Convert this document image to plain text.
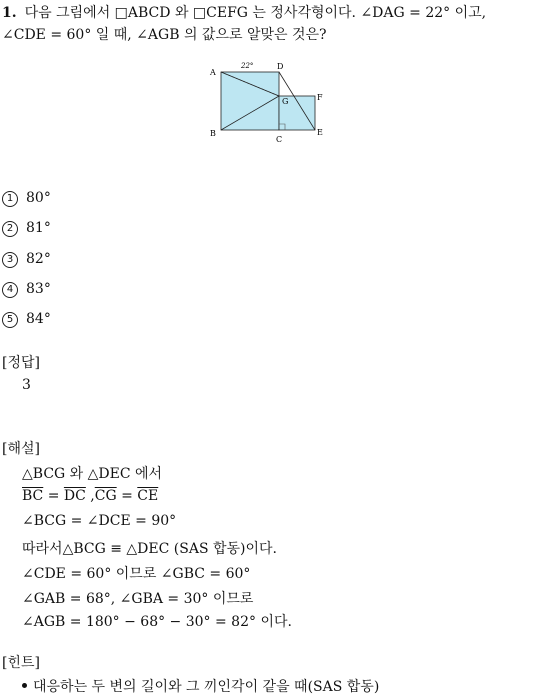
1. 다음 그림에서 □ABCD 와 □CEFG 는 정사각형이다. ∠DAG = 22° 이고,
∠CDE = 60° 일 때, ∠AGB 의 값으로 알맞은 것은?
22°
A
B
C
D
E
F
G
1 80°
2 81°
3 82°
4 83°
5 84°
[정답]
3
[해설]
△BCG 와 △DEC 에서
$\overline{BC} = \overline{DC}$ $,\overline{CG} = \overline{CE}$
∠BCG = ∠DCE = 90°
따라서△BCG ≡ △DEC (SAS 합동)이다.
∠CDE = 60° 이므로 ∠GBC = 60°
∠GAB = 68°, ∠GBA = 30° 이므로
∠AGB = 180° − 68° − 30° = 82° 이다.
[힌트]
대응하는 두 변의 길이와 그 끼인각이 같을 때(SAS 합동)
